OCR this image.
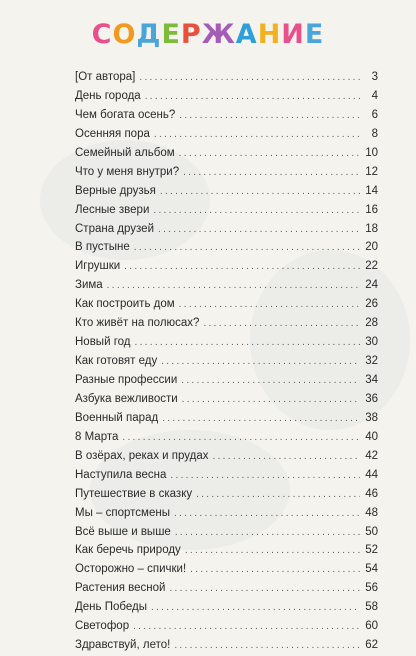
СОДЕРЖАНИЕ
[От автора] .....	3
День города .....	4
Чем богата осень? .....	6
Осенняя пора .....	8
Семейный альбом .....	10
Что у меня внутри? .....	12
Верные друзья .....	14
Лесные звери .....	16
Страна друзей .....	18
В пустыне .....	20
Игрушки .....	22
Зима .....	24
Как построить дом .....	26
Кто живёт на полюсах? .....	28
Новый год .....	30
Как готовят еду .....	32
Разные профессии .....	34
Азбука вежливости .....	36
Военный парад .....	38
8 Марта .....	40
В озёрах, реках и прудах .....	42
Наступила весна .....	44
Путешествие в сказку .....	46
Мы – спортсмены .....	48
Всё выше и выше .....	50
Как беречь природу .....	52
Осторожно – спички! .....	54
Растения весной .....	56
День Победы .....	58
Светофор .....	60
Здравствуй, лето! .....	62
